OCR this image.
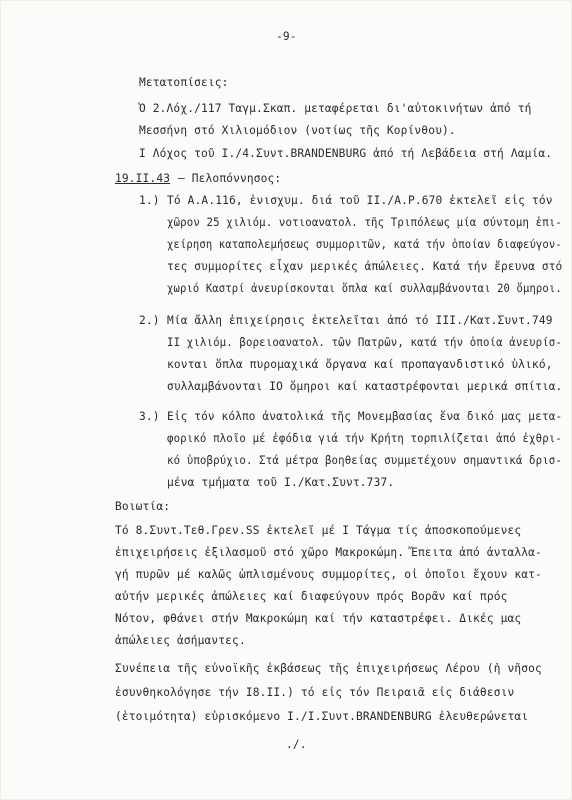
-9-

Μετατοπίσεις:

Ὁ 2.Λόχ./117 Ταγμ.Σκαπ. μεταφέρεται δι'αὐτοκινήτων ἀπό τή

Μεσσήνη στό Χιλιομόδιον (νοτίως τῆς Κορίνθου).

Ι Λόχος τοῦ Ι./4.Συντ.BRANDENBURG ἀπό τή Λεβάδεια στή Λαμία.

19.ΙΙ.43 – Πελοπόννησος:

1.) Τό Α.Α.116, ἐνισχυμ. διά τοῦ ΙΙ./Α.Ρ.670 ἐκτελεῖ εἰς τόν

χῶρον 25 χιλιόμ. νοτιοανατολ. τῆς Τριπόλεως μία σύντομη ἐπι-

χείρηση καταπολεμήσεως συμμοριτῶν, κατά τήν ὁποίαν διαφεύγον-

τες συμμορίτες εἶχαν μερικές ἀπώλειες. Κατά τήν ἔρευνα στό

χωριό Καστρί ἀνευρίσκονται ὅπλα καί συλλαμβάνονται 20 ὅμηροι.

2.) Μία ἄλλη ἐπιχείρησις ἐκτελεῖται ἀπό τό ΙΙΙ./Κατ.Συντ.749

ΙΙ χιλιόμ. βορειοανατολ. τῶν Πατρῶν, κατά τήν ὁποία ἀνευρίσ-

κονται ὅπλα πυρομαχικά ὄργανα καί προπαγανδιστικό ὑλικό,

συλλαμβάνονται ΙΟ ὅμηροι καί καταστρέφονται μερικά σπίτια.

3.) Εἰς τόν κόλπο ἀνατολικά τῆς Μονεμβασίας ἕνα δικό μας μετα-

φορικό πλοῖο μέ ἐφόδια γιά τήν Κρήτη τορπιλίζεται ἀπό ἐχθρι-

κό ὑποβρύχιο. Στά μέτρα βοηθείας συμμετέχουν σημαντικά δρισ-

μένα τμήματα τοῦ Ι./Κατ.Συντ.737.

Βοιωτία:

Τό 8.Συντ.Τεθ.Γρεν.SS ἐκτελεῖ μέ Ι Τάγμα τίς ἀποσκοπούμενες

ἐπιχειρήσεις ἐξιλασμοῦ στό χῶρο Μακροκώμη. Ἔπειτα ἀπό ἀνταλλα-

γή πυρῶν μέ καλῶς ὡπλισμένους συμμορίτες, οἱ ὁποῖοι ἔχουν κατ-

αὐτήν μερικές ἀπώλειες καί διαφεύγουν πρός Βορᾶν καί πρός

Νότον, φθάνει στήν Μακροκώμη καί τήν καταστρέφει. Δικές μας

ἀπώλειες ἀσήμαντες.

Συνέπεια τῆς εὐνοϊκῆς ἐκβάσεως τῆς ἐπιχειρήσεως Λέρου (ἡ νῆσος

ἐσυνθηκολόγησε τήν Ι8.ΙΙ.) τό εἰς τόν Πειραιᾶ εἰς διάθεσιν

(ἑτοιμότητα) εὑρισκόμενο Ι./Ι.Συντ.BRANDENBURG ἐλευθερώνεται

./.
